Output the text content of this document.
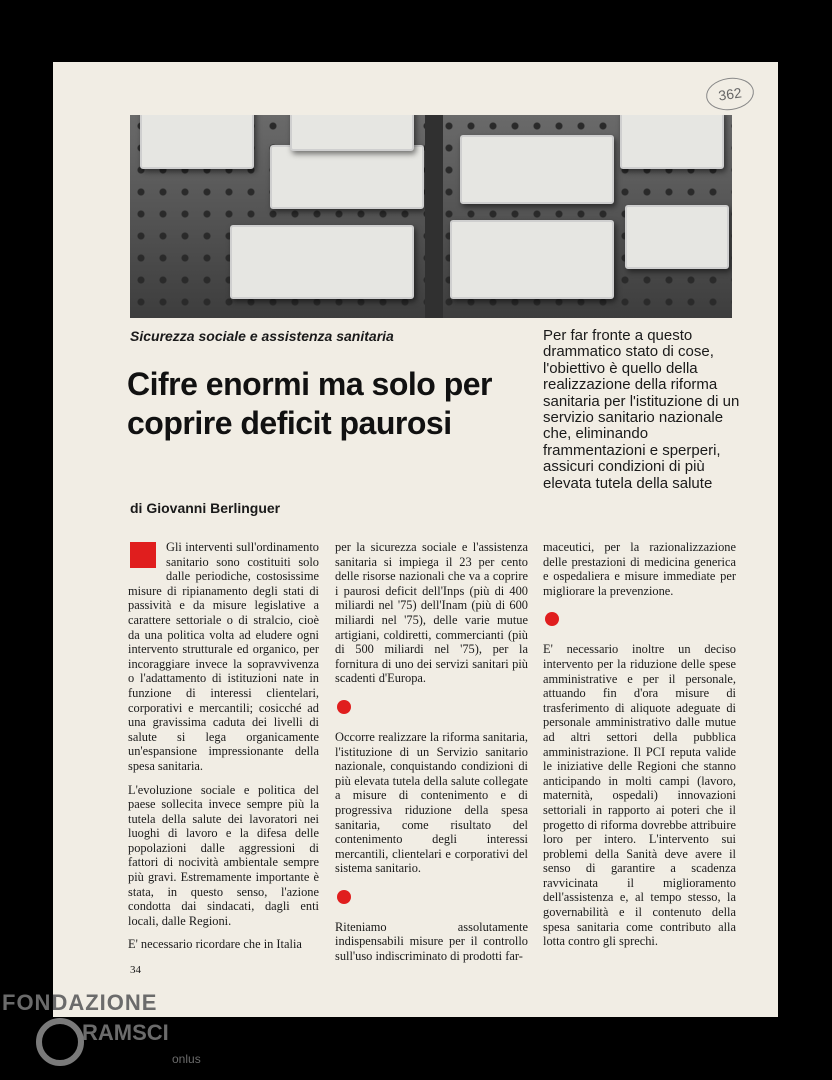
362

Sicurezza sociale e assistenza sanitaria

Cifre enormi ma solo per coprire deficit paurosi

di Giovanni Berlinguer

Per far fronte a questo drammatico stato di cose, l'obiettivo è quello della realizzazione della riforma sanitaria per l'istituzione di un servizio sanitario nazionale che, eliminando frammentazioni e sperperi, assicuri condizioni di più elevata tutela della salute

Gli interventi sull'ordinamento sanitario sono costituiti solo dalle periodiche, costosissime misure di ripianamento degli stati di passività e da misure legislative a carattere settoriale o di stralcio, cioè da una politica volta ad eludere ogni intervento strutturale ed organico, per incoraggiare invece la sopravvivenza o l'adattamento di istituzioni nate in funzione di interessi clientelari, corporativi e mercantili; cosicché ad una gravissima caduta dei livelli di salute si lega organicamente un'espansione impressionante della spesa sanitaria.

L'evoluzione sociale e politica del paese sollecita invece sempre più la tutela della salute dei lavoratori nei luoghi di lavoro e la difesa delle popolazioni dalle aggressioni di fattori di nocività ambientale sempre più gravi. Estremamente importante è stata, in questo senso, l'azione condotta dai sindacati, dagli enti locali, dalle Regioni.

E' necessario ricordare che in Italia

per la sicurezza sociale e l'assistenza sanitaria si impiega il 23 per cento delle risorse nazionali che va a coprire i paurosi deficit dell'Inps (più di 400 miliardi nel '75) dell'Inam (più di 600 miliardi nel '75), delle varie mutue artigiani, coldiretti, commercianti (più di 500 miliardi nel '75), per la fornitura di uno dei servizi sanitari più scadenti d'Europa.

Occorre realizzare la riforma sanitaria, l'istituzione di un Servizio sanitario nazionale, conquistando condizioni di più elevata tutela della salute collegate a misure di contenimento e di progressiva riduzione della spesa sanitaria, come risultato del contenimento degli interessi mercantili, clientelari e corporativi del sistema sanitario.

Riteniamo assolutamente indispensabili misure per il controllo sull'uso indiscriminato di prodotti far-

maceutici, per la razionalizzazione delle prestazioni di medicina generica e ospedaliera e misure immediate per migliorare la prevenzione.

E' necessario inoltre un deciso intervento per la riduzione delle spese amministrative e per il personale, attuando fin d'ora misure di trasferimento di aliquote adeguate di personale amministrativo dalle mutue ad altri settori della pubblica amministrazione. Il PCI reputa valide le iniziative delle Regioni che stanno anticipando in molti campi (lavoro, maternità, ospedali) innovazioni settoriali in rapporto ai poteri che il progetto di riforma dovrebbe attribuire loro per intero. L'intervento sui problemi della Sanità deve avere il senso di garantire a scadenza ravvicinata il miglioramento dell'assistenza e, al tempo stesso, la governabilità e il contenuto della spesa sanitaria come contributo alla lotta contro gli sprechi.

34

FONDAZIONE

RAMSCI

onlus
